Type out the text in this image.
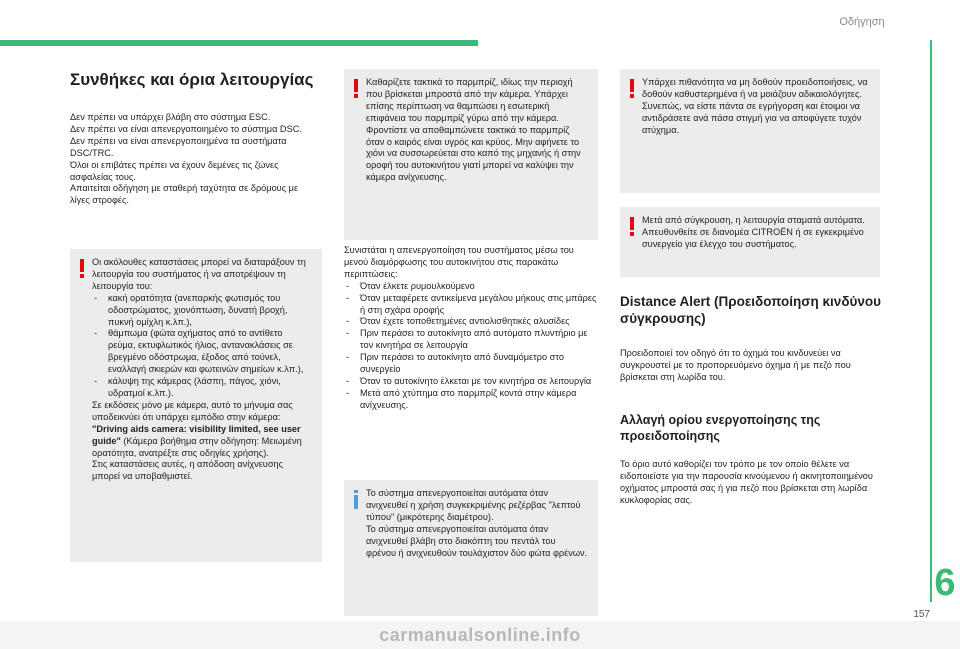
Οδήγηση
6
157
Συνθήκες και όρια λειτουργίας

Δεν πρέπει να υπάρχει βλάβη στο σύστημα ESC.

Δεν πρέπει να είναι απενεργοποιημένο το σύστημα DSC.

Δεν πρέπει να είναι απενεργοποιημένα τα συστήματα DSC/TRC.

Όλοι οι επιβάτες πρέπει να έχουν δεμένες τις ζώνες ασφαλείας τους.

Απαιτείται οδήγηση με σταθερή ταχύτητα σε δρόμους με λίγες στροφές.

Οι ακόλουθες καταστάσεις μπορεί να διαταράξουν τη λειτουργία του συστήματος ή να αποτρέψουν τη λειτουργία του:

- κακή ορατότητα (ανεπαρκής φωτισμός του οδοστρώματος, χιονόπτωση, δυνατή βροχή, πυκνή ομίχλη κ.λπ.),
- θάμπωμα (φώτα οχήματος από το αντίθετο ρεύμα, εκτυφλωτικός ήλιος, αντανακλάσεις σε βρεγμένο οδόστρωμα, έξοδος από τούνελ, εναλλαγή σκιερών και φωτεινών σημείων κ.λπ.),
- κάλυψη της κάμερας (λάσπη, πάγος, χιόνι, υδρατμοί κ.λπ.).

Σε εκδόσεις μόνο με κάμερα, αυτό το μήνυμα σας υποδεικνύει ότι υπάρχει εμπόδιο στην κάμερα: "Driving aids camera: visibility limited, see user guide" (Κάμερα βοήθημα στην οδήγηση: Μειωμένη ορατότητα, ανατρέξτε στις οδηγίες χρήσης).

Στις καταστάσεις αυτές, η απόδοση ανίχνευσης μπορεί να υποβαθμιστεί.

Καθαρίζετε τακτικά το παρμπρίζ, ιδίως την περιοχή που βρίσκεται μπροστά από την κάμερα. Υπάρχει επίσης περίπτωση να θαμπώσει η εσωτερική επιφάνεια του παρμπρίζ γύρω από την κάμερα. Φροντίστε να αποθαμπώνετε τακτικά το παρμπρίζ όταν ο καιρός είναι υγρός και κρύος. Μην αφήνετε το χιόνι να συσσωρεύεται στο καπό της μηχανής ή στην οροφή του αυτοκινήτου γιατί μπορεί να καλύψει την κάμερα ανίχνευσης.

Συνιστάται η απενεργοποίηση του συστήματος μέσω του μενού διαμόρφωσης του αυτοκινήτου στις παρακάτω περιπτώσεις:

- Όταν έλκετε ρυμουλκούμενο
- Όταν μεταφέρετε αντικείμενα μεγάλου μήκους στις μπάρες ή στη σχάρα οροφής
- Όταν έχετε τοποθετημένες αντιολισθητικές αλυσίδες
- Πριν περάσει το αυτοκίνητο από αυτόματο πλυντήριο με τον κινητήρα σε λειτουργία
- Πριν περάσει το αυτοκίνητο από δυναμόμετρο στο συνεργείο
- Όταν το αυτοκίνητο έλκεται με τον κινητήρα σε λειτουργία
- Μετά από χτύπημα στο παρμπρίζ κοντά στην κάμερα ανίχνευσης.

Το σύστημα απενεργοποιείται αυτόματα όταν ανιχνευθεί η χρήση συγκεκριμένης ρεζέρβας "λεπτού τύπου" (μικρότερης διαμέτρου).

Το σύστημα απενεργοποιείται αυτόματα όταν ανιχνευθεί βλάβη στο διακόπτη του πεντάλ του φρένου ή ανιχνευθούν τουλάχιστον δύο φώτα φρένων.

Υπάρχει πιθανότητα να μη δοθούν προειδοποιήσεις, να δοθούν καθυστερημένα ή να μοιάζουν αδικαιολόγητες. Συνεπώς, να είστε πάντα σε εγρήγορση και έτοιμοι να αντιδράσετε ανά πάσα στιγμή για να αποφύγετε τυχόν ατύχημα.

Μετά από σύγκρουση, η λειτουργία σταματά αυτόματα. Απευθυνθείτε σε διανομέα CITROËN ή σε εγκεκριμένο συνεργείο για έλεγχο του συστήματος.

Distance Alert (Προειδοποίηση κινδύνου σύγκρουσης)

Προειδοποιεί τον οδηγό ότι το όχημά του κινδυνεύει να συγκρουστεί με το προπορευόμενο όχημα ή με πεζό που βρίσκεται στη λωρίδα του.

Αλλαγή ορίου ενεργοποίησης της προειδοποίησης

Το όριο αυτό καθορίζει τον τρόπο με τον οποίο θέλετε να ειδοποιείστε για την παρουσία κινούμενου ή ακινητοποιημένου οχήματος μπροστά σας ή για πεζό που βρίσκεται στη λωρίδα κυκλοφορίας σας.

carmanualsonline.info
